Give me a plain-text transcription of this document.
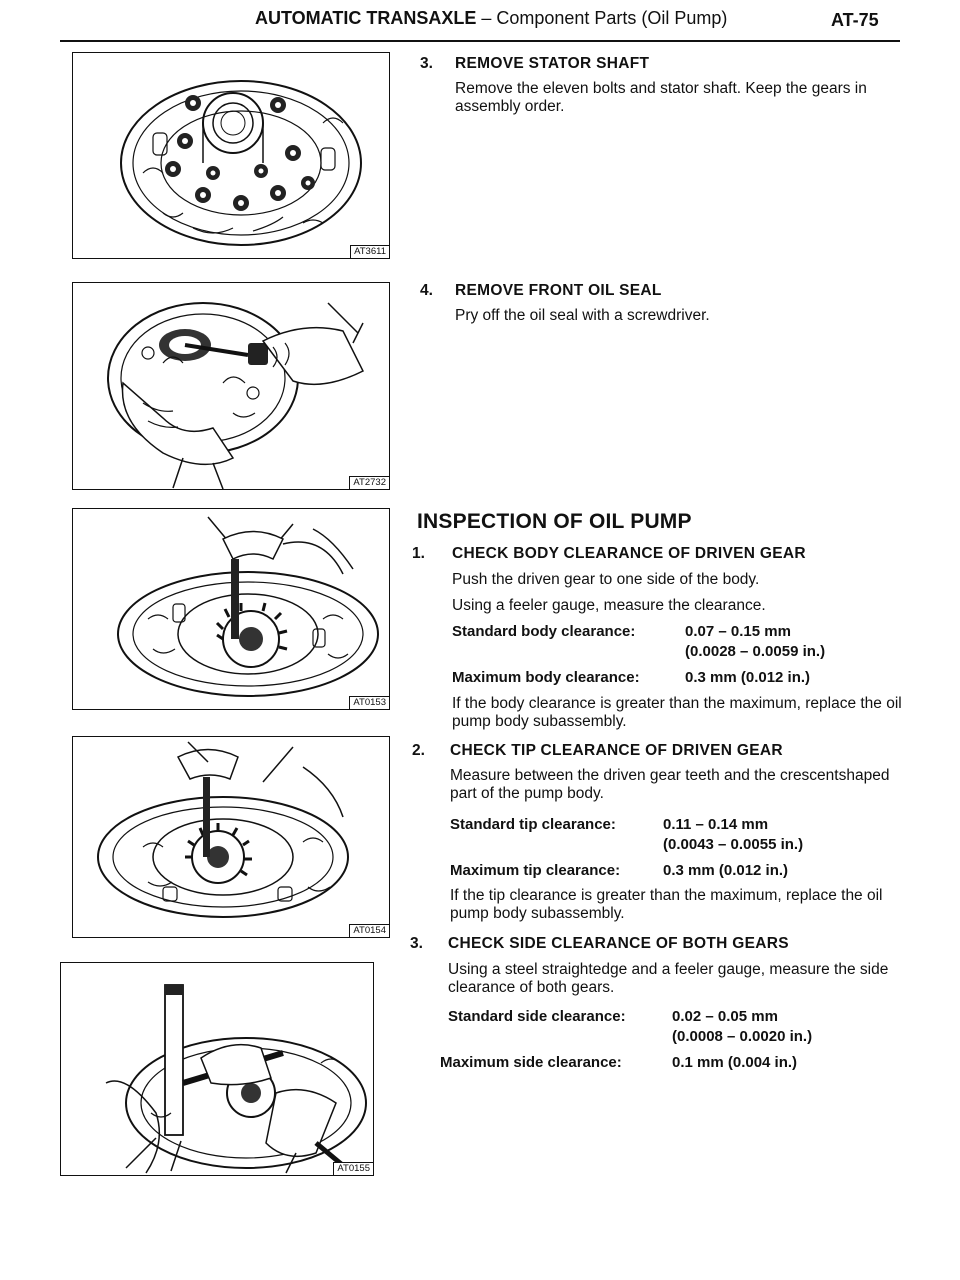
AUTOMATIC TRANSAXLE – Component Parts (Oil Pump)	AT-75
AT3611
AT2732
AT0153
AT0154
AT0155
3. REMOVE STATOR SHAFT
Remove the eleven bolts and stator shaft. Keep the gears in assembly order.
4. REMOVE FRONT OIL SEAL
Pry off the oil seal with a screwdriver.
INSPECTION OF OIL PUMP
1. CHECK BODY CLEARANCE OF DRIVEN GEAR
Push the driven gear to one side of the body.
Using a feeler gauge, measure the clearance.
Standard body clearance:	0.07 – 0.15 mm
(0.0028 – 0.0059 in.)
Maximum body clearance:	0.3 mm (0.012 in.)
If the body clearance is greater than the maximum, replace the oil pump body subassembly.
2. CHECK TIP CLEARANCE OF DRIVEN GEAR
Measure between the driven gear teeth and the crescentshaped part of the pump body.
Standard tip clearance:	0.11 – 0.14 mm
(0.0043 – 0.0055 in.)
Maximum tip clearance:	0.3 mm (0.012 in.)
If the tip clearance is greater than the maximum, replace the oil pump body subassembly.
3. CHECK SIDE CLEARANCE OF BOTH GEARS
Using a steel straightedge and a feeler gauge, measure the side clearance of both gears.
Standard side clearance:	0.02 – 0.05 mm
(0.0008 – 0.0020 in.)
Maximum side clearance:	0.1 mm (0.004 in.)
